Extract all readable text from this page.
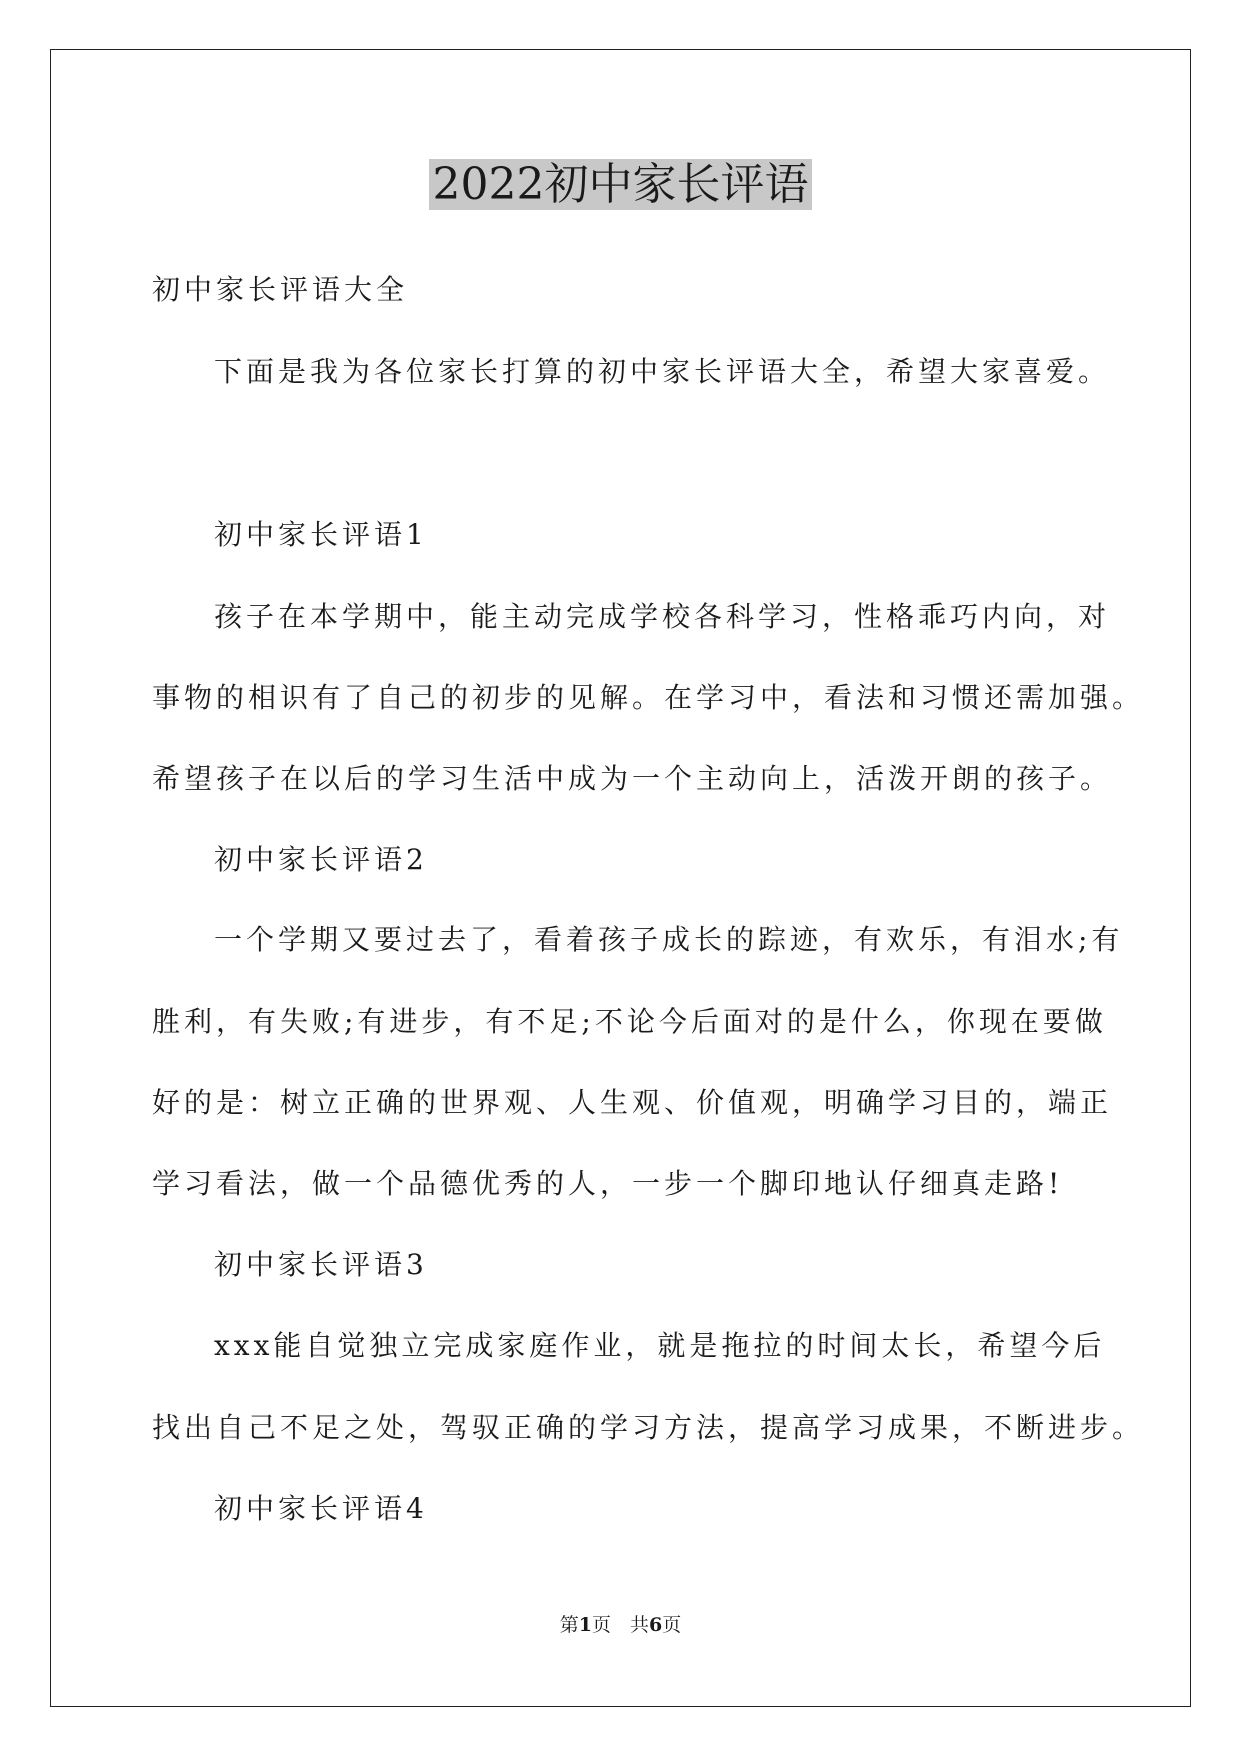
2022初中家长评语
初中家长评语大全
下面是我为各位家长打算的初中家长评语大全，希望大家喜爱。
初中家长评语1
孩子在本学期中，能主动完成学校各科学习，性格乖巧内向，对
事物的相识有了自己的初步的见解。在学习中，看法和习惯还需加强。
希望孩子在以后的学习生活中成为一个主动向上，活泼开朗的孩子。
初中家长评语2
一个学期又要过去了，看着孩子成长的踪迹，有欢乐，有泪水;有
胜利，有失败;有进步，有不足;不论今后面对的是什么，你现在要做
好的是：树立正确的世界观、人生观、价值观，明确学习目的，端正
学习看法，做一个品德优秀的人，一步一个脚印地认仔细真走路!
初中家长评语3
xxx能自觉独立完成家庭作业，就是拖拉的时间太长，希望今后
找出自己不足之处，驾驭正确的学习方法，提高学习成果，不断进步。
初中家长评语4
第1页　共6页
